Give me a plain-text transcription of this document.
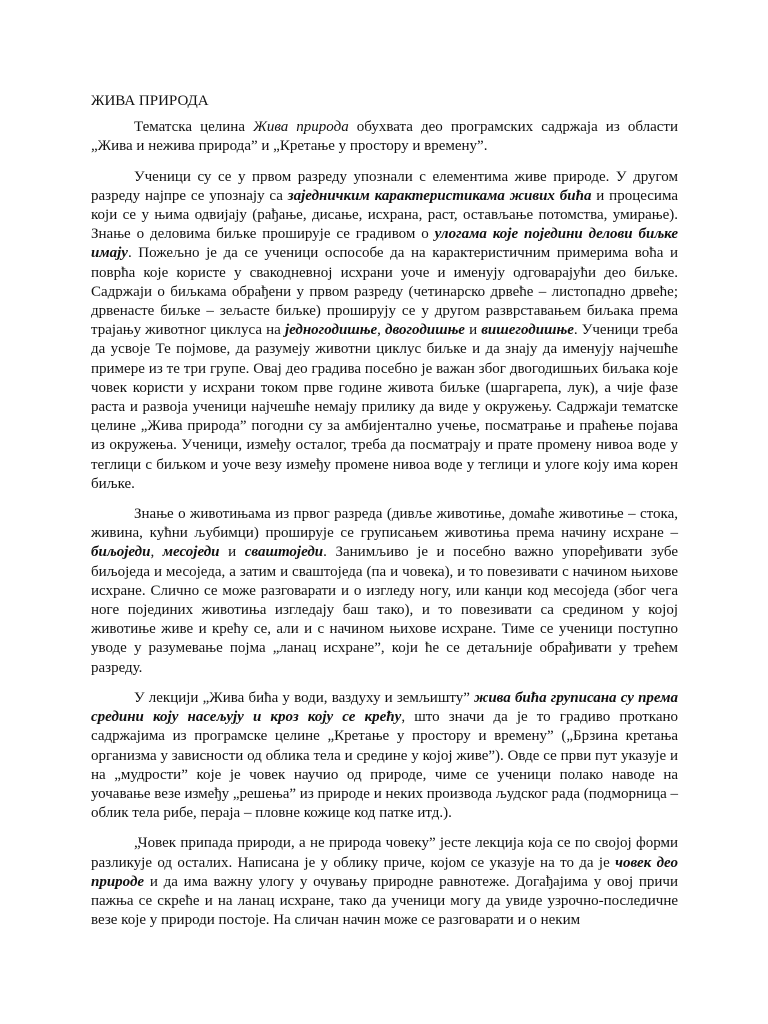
ЖИВА ПРИРОДА

Тематска целина Жива природа обухвата део програмских садржаја из области „Жива и нежива природа” и „Кретање у простору и времену”.

Ученици су се у првом разреду упознали с елементима живе природе. У другом разреду најпре се упознају са заједничким карактеристикама живих бића и процесима који се у њима одвијају (рађање, дисање, исхрана, раст, остављање потомства, умирање). Знање о деловима биљке проширује се градивом о улогама које поједини делови биљке имају. Пожељно је да се ученици оспособе да на карактеристичним примерима воћа и поврћа које користе у свакодневној исхрани уоче и именују одговарајући део биљке. Садржаји о биљкама обрађени у првом разреду (четинарско дрвеће – листопадно дрвеће; дрвенасте биљке – зељасте биљке) проширују се у другом разврставањем биљака према трајању животног циклуса на једногодишње, двогодишње и вишегодишње. Ученици треба да усвоје Те појмове, да разумеју животни циклус биљке и да знају да именују најчешће примере из те три групе. Овај део градива посебно је важан због двогодишњих биљака које човек користи у исхрани током прве године живота биљке (шаргарепа, лук), а чије фазе раста и развоја ученици најчешће немају прилику да виде у окружењу. Садржаји тематске целине „Жива природа” погодни су за амбијентално учење, посматрање и праћење појава из окружења. Ученици, између осталог, треба да посматрају и прате промену нивоа воде у теглици с биљком и уоче везу између промене нивоа воде у теглици и улоге коју има корен биљке.

Знање о животињама из првог разреда (дивље животиње, домаће животиње – стока, живина, кућни љубимци) проширује се груписањем животиња према начину исхране – биљоједи, месоједи и сваштоједи. Занимљиво је и посебно важно упоређивати зубе биљоједа и месоједа, а затим и сваштоједа (па и човека), и то повезивати с начином њихове исхране. Слично се може разговарати и о изгледу ногу, или канџи код месоједа (због чега ноге појединих животиња изгледају баш тако), и то повезивати са средином у којој животиње живе и крећу се, али и с начином њихове исхране. Тиме се ученици поступно уводе у разумевање појма „ланац исхране”, који ће се детаљније обрађивати у трећем разреду.

У лекцији „Жива бића у води, ваздуху и земљишту” жива бића груписана су према средини коју насељују и кроз коју се крећу, што значи да је то градиво проткано садржајима из програмске целине „Кретање у простору и времену” („Брзина кретања организма у зависности од облика тела и средине у којој живе”). Овде се први пут указује и на „мудрости” које је човек научио од природе, чиме се ученици полако наводе на уочавање везе између „решења” из природе и неких производа људског рада (подморница – облик тела рибе, пераја – пловне кожице код патке итд.).

„Човек припада природи, а не природа човеку” јесте лекција која се по својој форми разликује од осталих. Написана је у облику приче, којом се указује на то да је човек део природе и да има важну улогу у очувању природне равнотеже. Догађајима у овој причи пажња се скреће и на ланац исхране, тако да ученици могу да увиде узрочно-последичне везе које у природи постоје. На сличан начин може се разговарати и о неким
